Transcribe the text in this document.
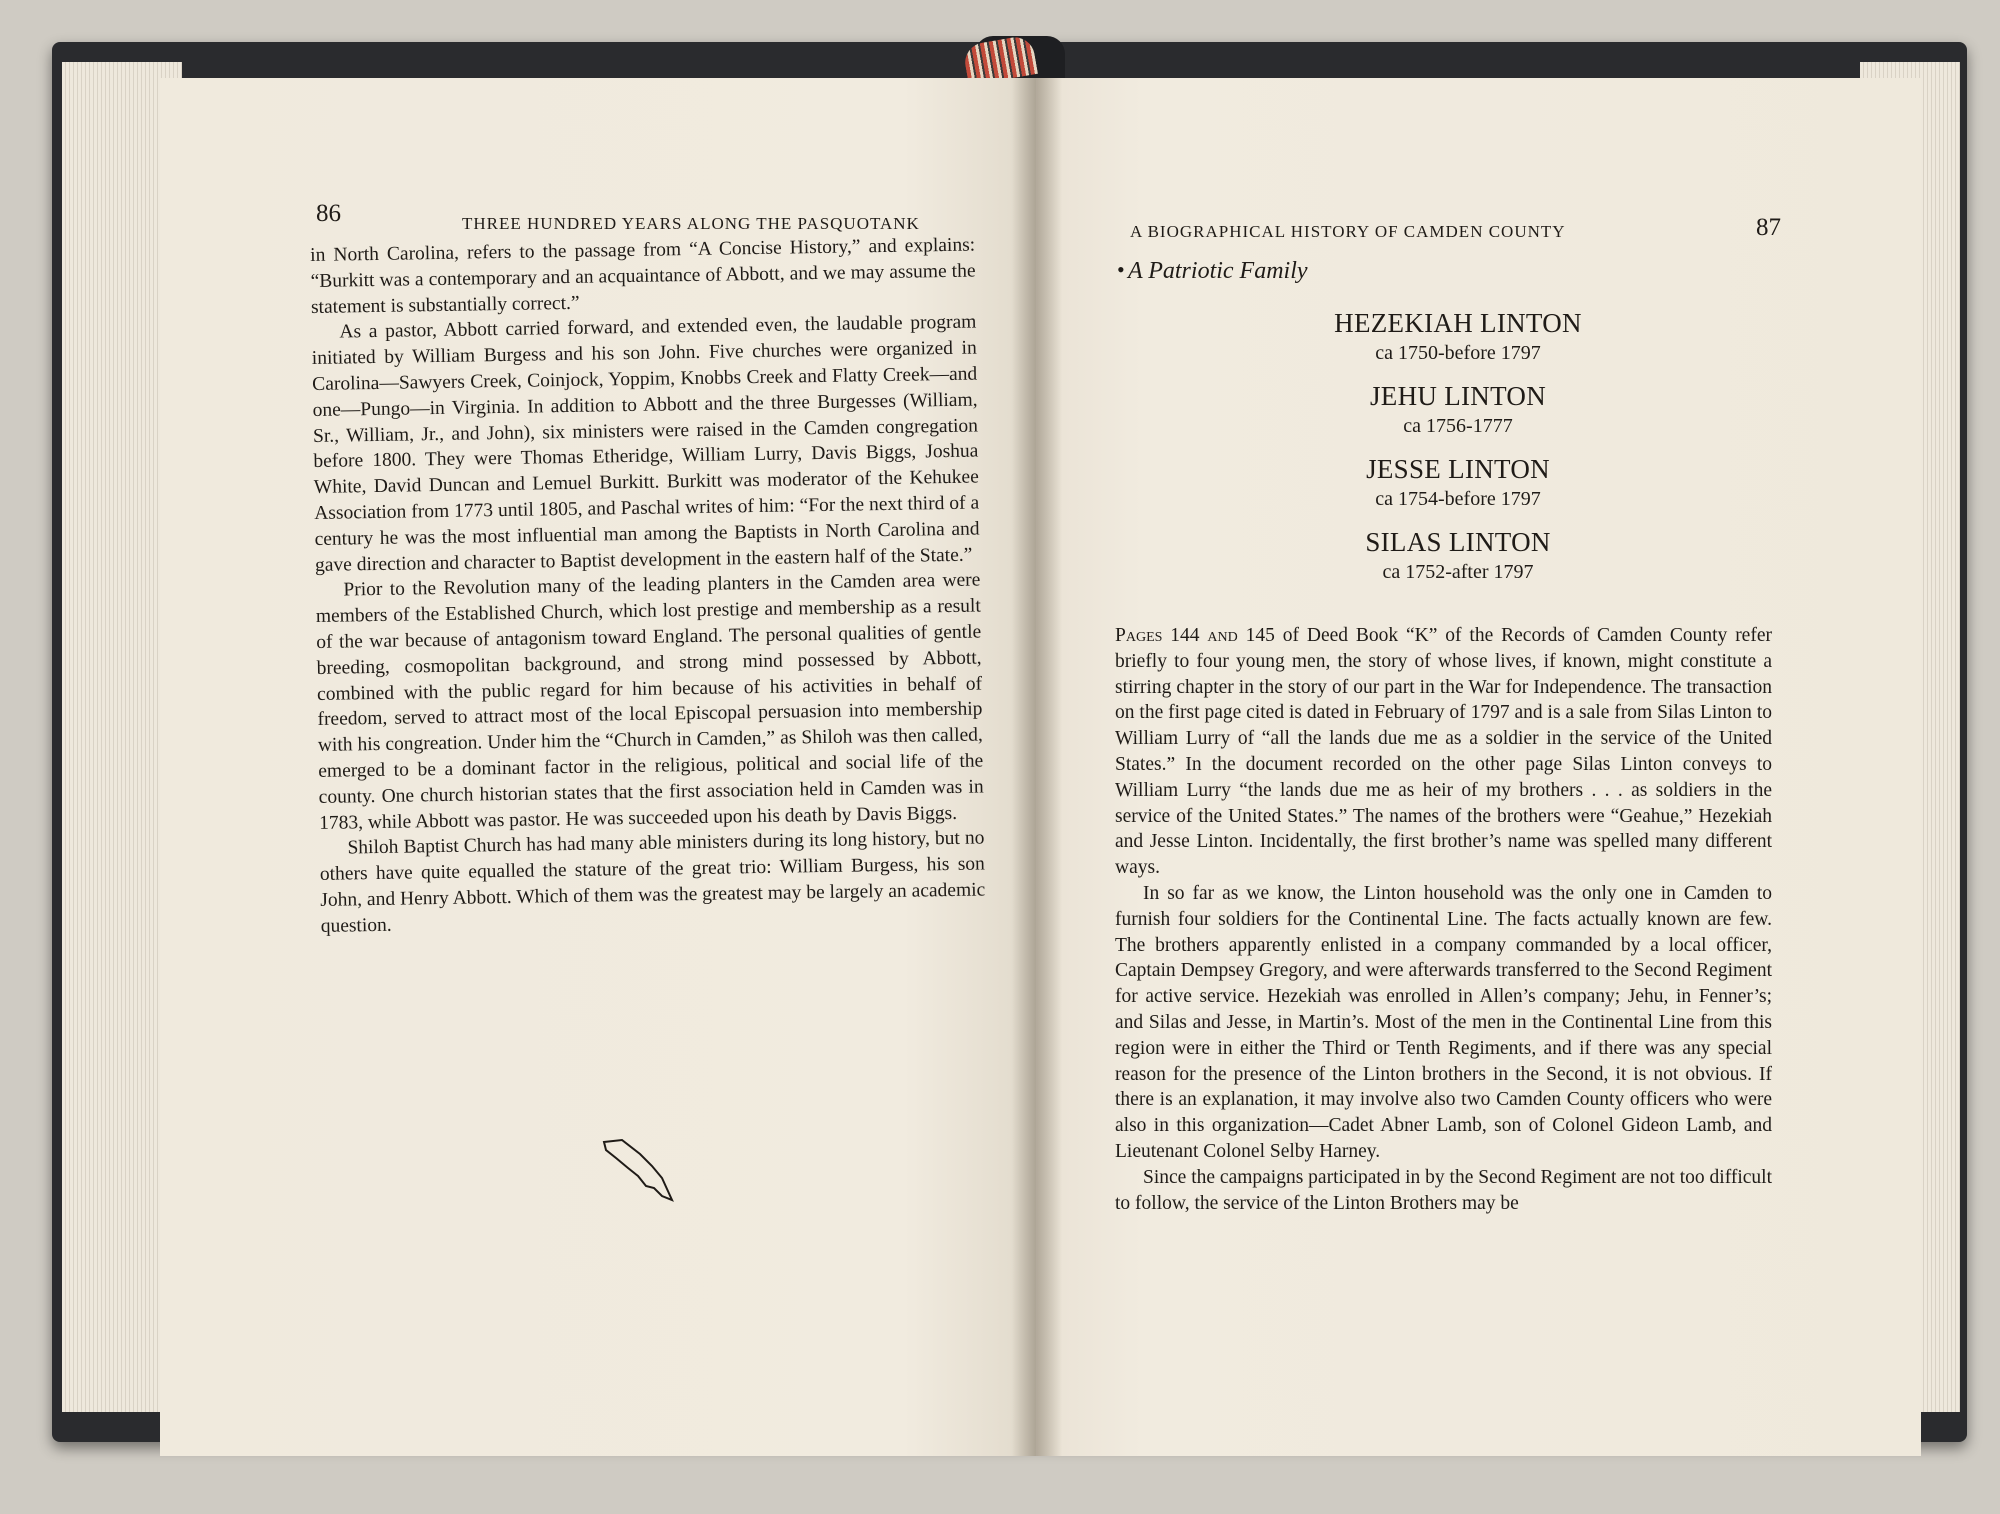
86	THREE HUNDRED YEARS ALONG THE PASQUOTANK

in North Carolina, refers to the passage from “A Concise History,” and explains: “Burkitt was a contemporary and an acquaintance of Abbott, and we may assume the statement is substantially correct.”

As a pastor, Abbott carried forward, and extended even, the laudable program initiated by William Burgess and his son John. Five churches were organized in Carolina—Sawyers Creek, Coinjock, Yoppim, Knobbs Creek and Flatty Creek—and one—Pungo—in Virginia. In addition to Abbott and the three Burgesses (William, Sr., William, Jr., and John), six ministers were raised in the Camden congregation before 1800. They were Thomas Etheridge, William Lurry, Davis Biggs, Joshua White, David Duncan and Lemuel Burkitt. Burkitt was moderator of the Kehukee Association from 1773 until 1805, and Paschal writes of him: “For the next third of a century he was the most influential man among the Baptists in North Carolina and gave direction and character to Baptist development in the eastern half of the State.”

Prior to the Revolution many of the leading planters in the Camden area were members of the Established Church, which lost prestige and membership as a result of the war because of antagonism toward England. The personal qualities of gentle breeding, cosmopolitan background, and strong mind possessed by Abbott, combined with the public regard for him because of his activities in behalf of freedom, served to attract most of the local Episcopal persuasion into membership with his congreation. Under him the “Church in Camden,” as Shiloh was then called, emerged to be a dominant factor in the religious, political and social life of the county. One church historian states that the first association held in Camden was in 1783, while Abbott was pastor. He was succeeded upon his death by Davis Biggs.

Shiloh Baptist Church has had many able ministers during its long history, but no others have quite equalled the stature of the great trio: William Burgess, his son John, and Henry Abbott. Which of them was the greatest may be largely an academic question.

A BIOGRAPHICAL HISTORY OF CAMDEN COUNTY	87
• A Patriotic Family
HEZEKIAH LINTON
ca 1750-before 1797
JEHU LINTON
ca 1756-1777
JESSE LINTON
ca 1754-before 1797
SILAS LINTON
ca 1752-after 1797

Pages 144 and 145 of Deed Book “K” of the Records of Camden County refer briefly to four young men, the story of whose lives, if known, might constitute a stirring chapter in the story of our part in the War for Independence. The transaction on the first page cited is dated in February of 1797 and is a sale from Silas Linton to William Lurry of “all the lands due me as a soldier in the service of the United States.” In the document recorded on the other page Silas Linton conveys to William Lurry “the lands due me as heir of my brothers . . . as soldiers in the service of the United States.” The names of the brothers were “Geahue,” Hezekiah and Jesse Linton. Incidentally, the first brother’s name was spelled many different ways.

In so far as we know, the Linton household was the only one in Camden to furnish four soldiers for the Continental Line. The facts actually known are few. The brothers apparently enlisted in a company commanded by a local officer, Captain Dempsey Gregory, and were afterwards transferred to the Second Regiment for active service. Hezekiah was enrolled in Allen’s company; Jehu, in Fenner’s; and Silas and Jesse, in Martin’s. Most of the men in the Continental Line from this region were in either the Third or Tenth Regiments, and if there was any special reason for the presence of the Linton brothers in the Second, it is not obvious. If there is an explanation, it may involve also two Camden County officers who were also in this organization—Cadet Abner Lamb, son of Colonel Gideon Lamb, and Lieutenant Colonel Selby Harney.

Since the campaigns participated in by the Second Regiment are not too difficult to follow, the service of the Linton Brothers may be
